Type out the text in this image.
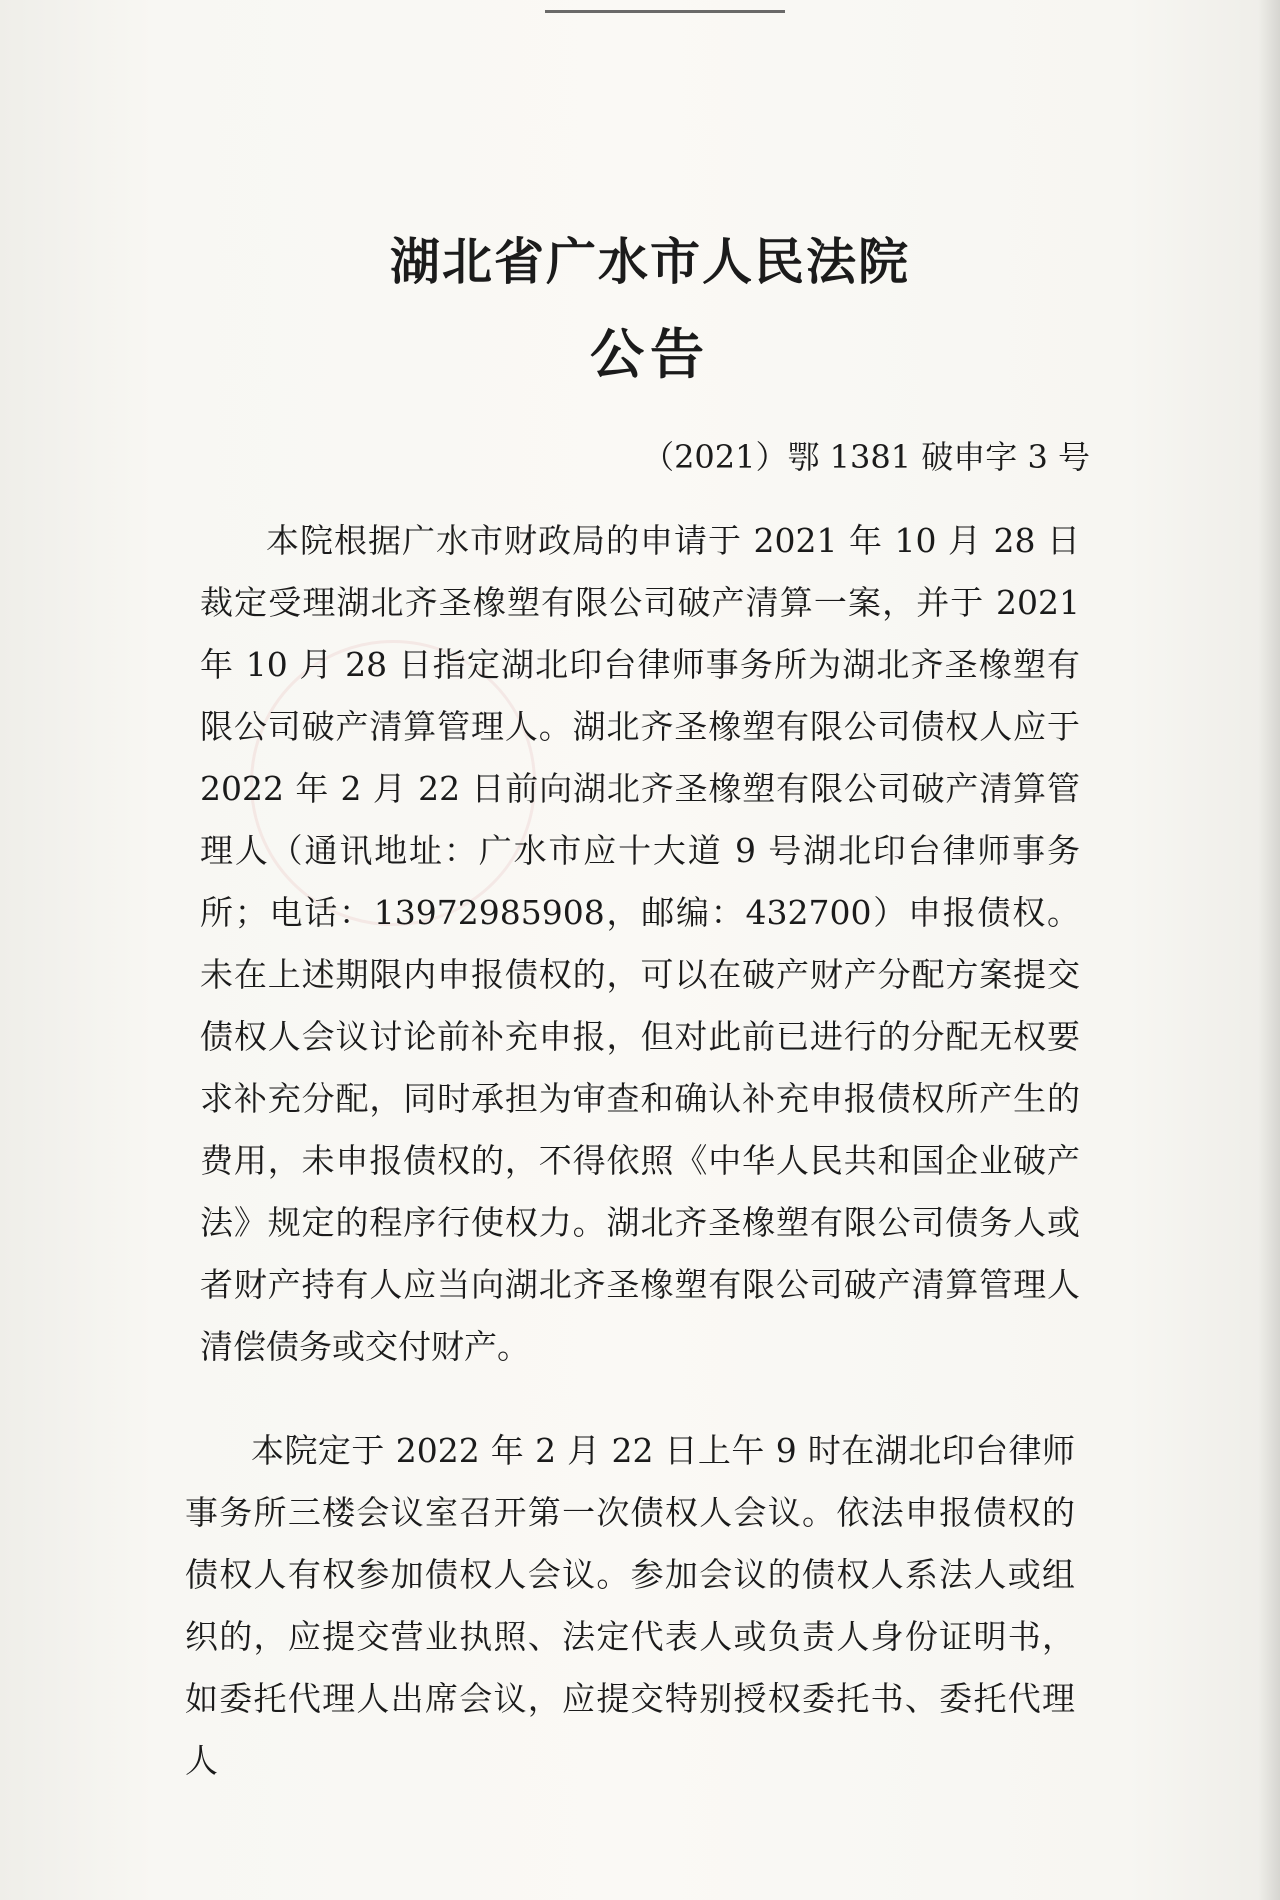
湖北省广水市人民法院
公告

（2021）鄂 1381 破申字 3 号

本院根据广水市财政局的申请于 2021 年 10 月 28 日裁定受理湖北齐圣橡塑有限公司破产清算一案，并于 2021 年 10 月 28 日指定湖北印台律师事务所为湖北齐圣橡塑有限公司破产清算管理人。湖北齐圣橡塑有限公司债权人应于 2022 年 2 月 22 日前向湖北齐圣橡塑有限公司破产清算管理人（通讯地址：广水市应十大道 9 号湖北印台律师事务所；电话：13972985908，邮编：432700）申报债权。未在上述期限内申报债权的，可以在破产财产分配方案提交债权人会议讨论前补充申报，但对此前已进行的分配无权要求补充分配，同时承担为审查和确认补充申报债权所产生的费用，未申报债权的，不得依照《中华人民共和国企业破产法》规定的程序行使权力。湖北齐圣橡塑有限公司债务人或者财产持有人应当向湖北齐圣橡塑有限公司破产清算管理人清偿债务或交付财产。

本院定于 2022 年 2 月 22 日上午 9 时在湖北印台律师事务所三楼会议室召开第一次债权人会议。依法申报债权的债权人有权参加债权人会议。参加会议的债权人系法人或组织的，应提交营业执照、法定代表人或负责人身份证明书，如委托代理人出席会议，应提交特别授权委托书、委托代理人
